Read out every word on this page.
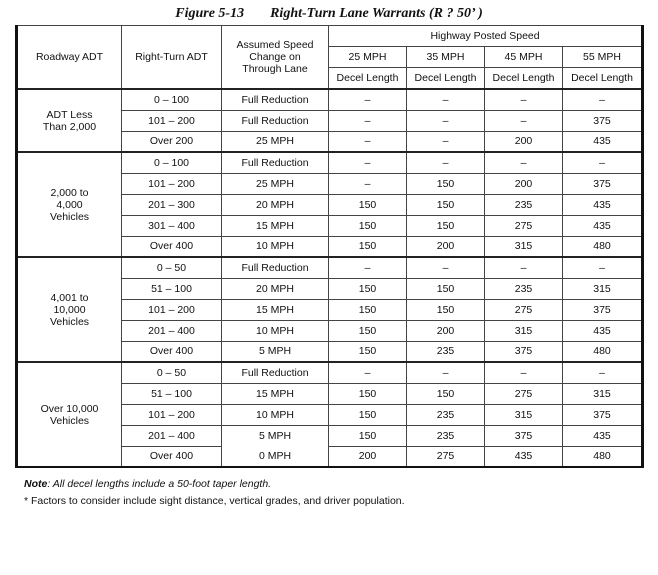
Figure 5-13 Right-Turn Lane Warrants (R ? 50’ )
Roadway ADT	Right-Turn ADT	Assumed Speed Change on Through Lane	Highway Posted Speed			
			25 MPH	35 MPH	45 MPH	55 MPH
			Decel Length	Decel Length	Decel Length	Decel Length
ADT Less Than 2,000	0 – 100	Full Reduction	–	–	–	–
	101 – 200	Full Reduction	–	–	–	375
	Over 200	25 MPH	–	–	200	435
2,000 to 4,000 Vehicles	0 – 100	Full Reduction	–	–	–	–
	101 – 200	25 MPH	–	150	200	375
	201 – 300	20 MPH	150	150	235	435
	301 – 400	15 MPH	150	150	275	435
	Over 400	10 MPH	150	200	315	480
4,001 to 10,000 Vehicles	0 – 50	Full Reduction	–	–	–	–
	51 – 100	20 MPH	150	150	235	315
	101 – 200	15 MPH	150	150	275	375
	201 – 400	10 MPH	150	200	315	435
	Over 400	5 MPH	150	235	375	480
Over 10,000 Vehicles	0 – 50	Full Reduction	–	–	–	–
	51 – 100	15 MPH	150	150	275	315
	101 – 200	10 MPH	150	235	315	375
	201 – 400	5 MPH	150	235	375	435
	Over 400	0 MPH	200	275	435	480
Note: All decel lengths include a 50-foot taper length.
* Factors to consider include sight distance, vertical grades, and driver population.
